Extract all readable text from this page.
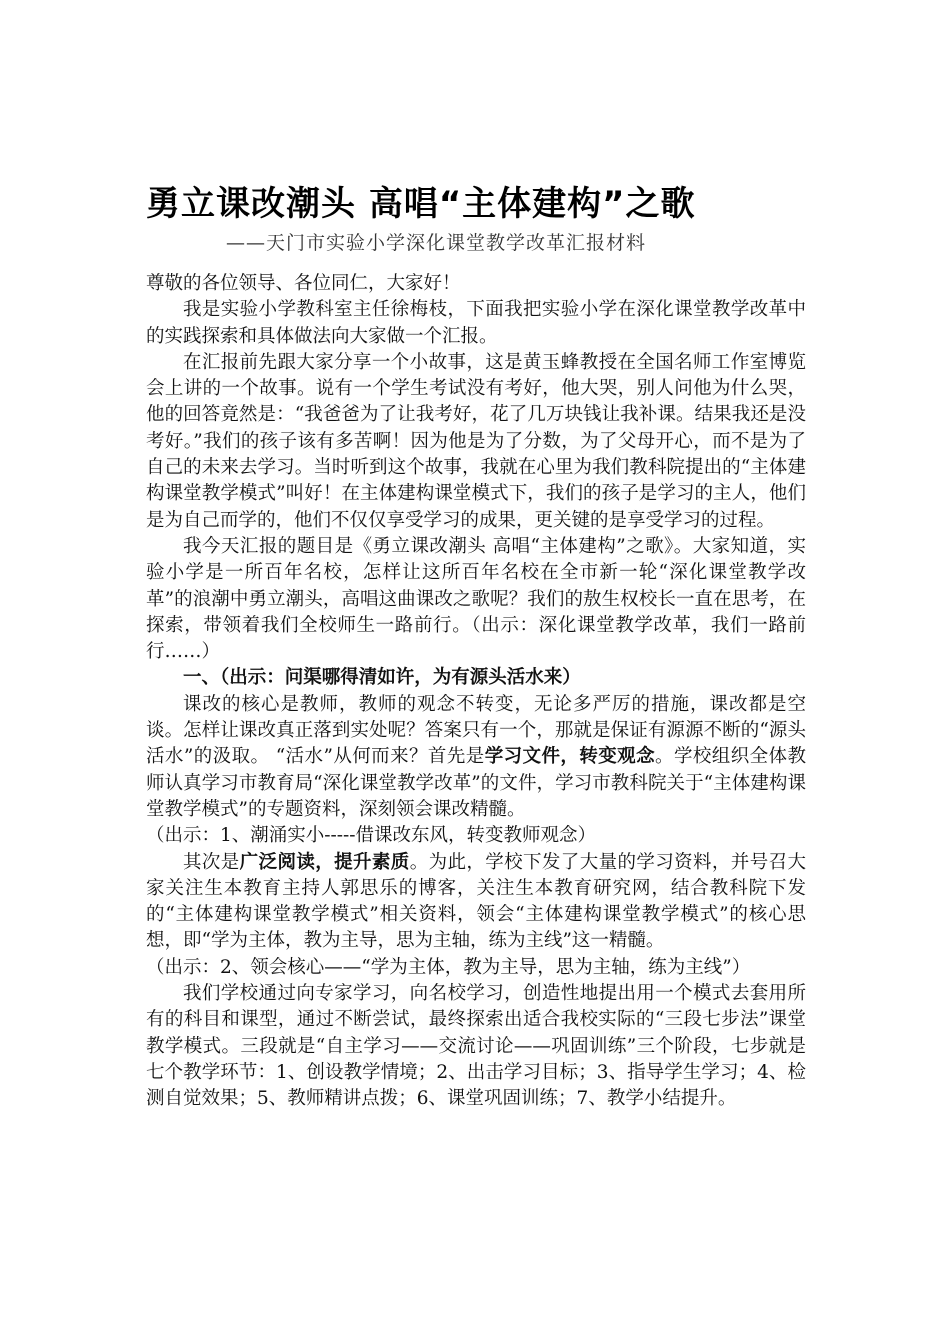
勇立课改潮头 高唱“主体建构”之歌
——天门市实验小学深化课堂教学改革汇报材料

尊敬的各位领导、各位同仁，大家好！

我是实验小学教科室主任徐梅枝，下面我把实验小学在深化课堂教学改革中的实践探索和具体做法向大家做一个汇报。

在汇报前先跟大家分享一个小故事，这是黄玉蜂教授在全国名师工作室博览会上讲的一个故事。说有一个学生考试没有考好，他大哭，别人问他为什么哭，他的回答竟然是：“我爸爸为了让我考好，花了几万块钱让我补课。结果我还是没考好。”我们的孩子该有多苦啊！因为他是为了分数，为了父母开心，而不是为了自己的未来去学习。当时听到这个故事，我就在心里为我们教科院提出的“主体建构课堂教学模式”叫好！在主体建构课堂模式下，我们的孩子是学习的主人，他们是为自己而学的，他们不仅仅享受学习的成果，更关键的是享受学习的过程。

我今天汇报的题目是《勇立课改潮头 高唱“主体建构”之歌》。大家知道，实验小学是一所百年名校，怎样让这所百年名校在全市新一轮“深化课堂教学改革”的浪潮中勇立潮头，高唱这曲课改之歌呢？我们的敖生权校长一直在思考，在探索，带领着我们全校师生一路前行。（出示：深化课堂教学改革，我们一路前行……）

一、（出示：问渠哪得清如许，为有源头活水来）

课改的核心是教师，教师的观念不转变，无论多严厉的措施，课改都是空谈。怎样让课改真正落到实处呢？答案只有一个，那就是保证有源源不断的“源头活水”的汲取。 “活水”从何而来？首先是学习文件，转变观念。学校组织全体教师认真学习市教育局“深化课堂教学改革”的文件，学习市教科院关于“主体建构课堂教学模式”的专题资料，深刻领会课改精髓。

（出示：1、潮涌实小-----借课改东风，转变教师观念）

其次是广泛阅读，提升素质。为此，学校下发了大量的学习资料，并号召大家关注生本教育主持人郭思乐的博客，关注生本教育研究网，结合教科院下发的“主体建构课堂教学模式”相关资料，领会“主体建构课堂教学模式”的核心思想，即“学为主体，教为主导，思为主轴，练为主线”这一精髓。

（出示：2、领会核心——“学为主体，教为主导，思为主轴，练为主线”）

我们学校通过向专家学习，向名校学习，创造性地提出用一个模式去套用所有的科目和课型，通过不断尝试，最终探索出适合我校实际的“三段七步法”课堂教学模式。三段就是“自主学习——交流讨论——巩固训练”三个阶段，七步就是七个教学环节：1、创设教学情境；2、出击学习目标；3、指导学生学习；4、检测自觉效果；5、教师精讲点拨；6、课堂巩固训练；7、教学小结提升。
